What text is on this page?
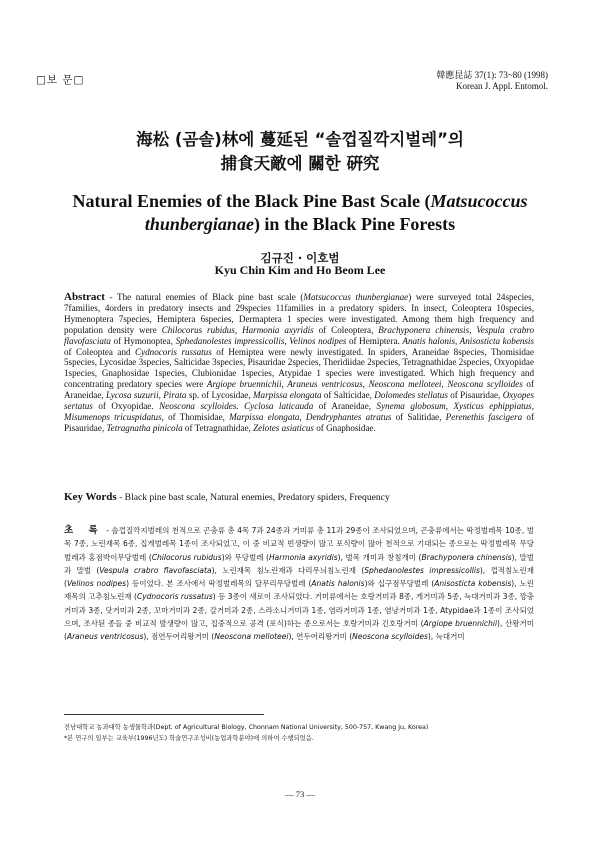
□보 문□	韓應昆誌 37(1): 73~80 (1998)
Korean J. Appl. Entomol.
海松 (곰솔)林에 蔓延된 “솔껍질깍지벌레”의
捕食天敵에 關한 硏究
Natural Enemies of the Black Pine Bast Scale (Matsucoccus thunbergianae) in the Black Pine Forests
김규진 · 이호범
Kyu Chin Kim and Ho Beom Lee
Abstract - The natural enemies of Black pine bast scale (Matsucoccus thunbergianae) were surveyed total 24species, 7families, 4orders in predatory insects and 29species 11families in a predatory spiders. In insect, Coleoptera 10species, Hymenoptera 7species, Hemiptera 6species, Dermaptera 1 species were investigated. Among them high frequency and population density were Chilocorus rubidus, Harmonia axyridis of Coleoptera, Brachyponera chinensis, Vespula crabro flavofasciata of Hymonoptea, Sphedanolestes impressicollis, Velinos nodipes of Hemiptera. Anatis halonis, Anisosticta kobensis of Coleoptea and Cydnocoris russatus of Hemiptea were newly investigated. In spiders, Araneidae 8species, Thomisidae 5species, Lycosidae 3species, Salticidae 3species, Pisauridae 2species, Theridiidae 2species, Tetragnathidae 2species, Oxyopidae 1species, Gnaphosidae 1species, Clubionidae 1species, Atypidae 1 species were investigated. Which high frequency and concentrating predatory species were Argiope bruennichii, Araneus ventricosus, Neoscona melloteei, Neoscona scylloides of Araneidae, Lycosa suzurii, Pirata sp. of Lycosidae, Marpissa elongata of Salticidae, Dolomedes stellatus of Pisauridae, Oxyopes sertatus of Oxyopidae. Neoscona scylloides. Cyclosa laticauda of Araneidae, Synema globosum, Xysticus ephippiatus, Misumenops tricuspidatus, of Thomisidae, Marpissa elongata, Dendryphantes atratus of Salitidae, Perenethis fascigera of Pisauridae, Tetragnatha pinicola of Tetragnathidae, Zelotes asiaticus of Gnaphosidae.
Key Words - Black pine bast scale, Natural enemies, Predatory spiders, Frequency
초 록 - 솔껍질깍지벌레의 천적으로 곤충류 총 4목 7과 24종과 거미류 총 11과 29종이 조사되었으며, 곤충류에서는 딱정벌레목 10종, 벌목 7종, 노린재목 6종, 집게벌레목 1종이 조사되었고, 이 중 비교적 빈생량이 많고 포식량이 많아 천적으로 기대되는 종으로는 딱정벌레목 무당벌레과 홍점박이무당벌레 (Chilocorus rubidus)와 무당벌레 (Harmonia axyridis), 벌목 개미과 창침개미 (Brachyponera chinensis), 말벌과 말벌 (Vespula crabro flavofasciata), 노린재목 침노린재과 다리무늬침노린재 (Sphedanolestes impressicollis), 껍적침노린재 (Velinos nodipes) 등이었다. 본 조사에서 딱정벌레목의 달무리무당벌레 (Anatis halonis)와 십구점무당벌레 (Anisosticta kobensis), 노린재목의 고추침노린재 (Cydnocoris russatus) 등 3종이 새로이 조사되었다. 거미류에서는 호랑거미과 8종, 게거미과 5종, 늑대거미과 3종, 깡충거미과 3종, 닷거미과 2종, 꼬마거미과 2종, 갈거미과 2종, 스라소니거미과 1종, 염라거미과 1종, 염낭거미과 1종, Atypidae과 1종이 조사되었으며, 조사된 종들 중 비교적 발생량이 많고, 집중적으로 공격 (포식)하는 종으로서는 호랑거미과 긴호랑거미 (Argiope bruennichii), 산왕거미 (Araneus ventricosus), 점연두어리왕거미 (Neoscona melloteei), 연두어리왕거미 (Neoscona scylloides), 늑대거미
전남대학교 농과대학 농생물학과(Dept. of Agricultural Biology, Chonnam National University, 500-757, Kwang ju, Korea)
*본 연구의 일부는 교육부(1996년도) 학술연구조성비(농업과학분야)에 의하여 수행되었음.
— 73 —
